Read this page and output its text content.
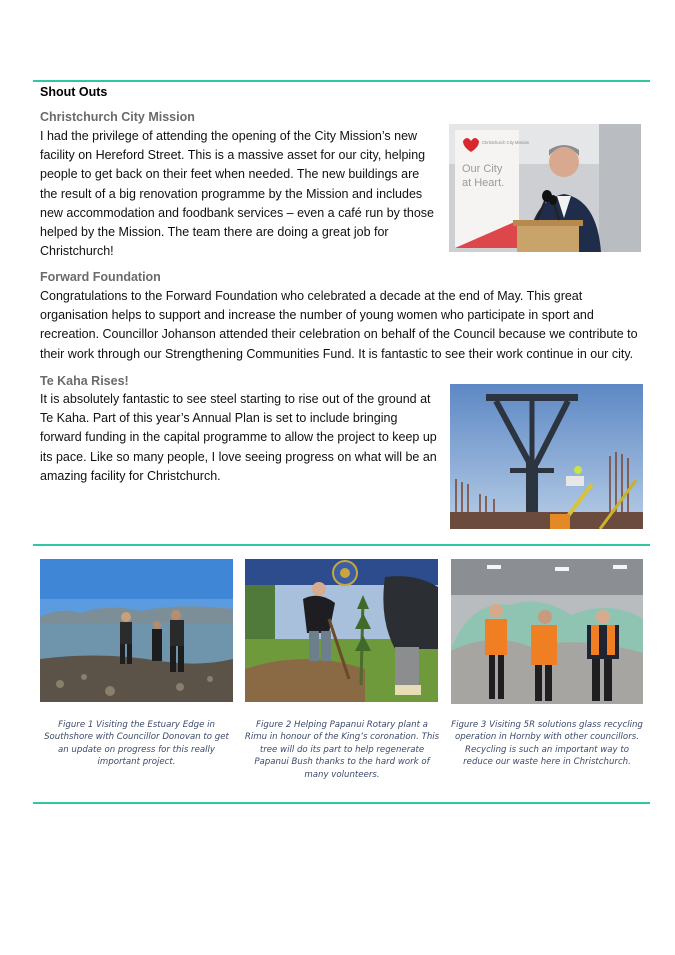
Shout Outs
Christchurch City Mission

I had the privilege of attending the opening of the City Mission’s new facility on Hereford Street. This is a massive asset for our city, helping people to get back on their feet when needed. The new buildings are the result of a big renovation programme by the Mission and includes new accommodation and foodbank services – even a café run by those helped by the Mission. The team there are doing a great job for Christchurch!

Christchurch City Mission
Our City
at Heart.
Forward Foundation

Congratulations to the Forward Foundation who celebrated a decade at the end of May. This great organisation helps to support and increase the number of young women who participate in sport and recreation. Councillor Johanson attended their celebration on behalf of the Council because we contribute to their work through our Strengthening Communities Fund. It is fantastic to see their work continue in our city.

Te Kaha Rises!

It is absolutely fantastic to see steel starting to rise out of the ground at Te Kaha. Part of this year’s Annual Plan is set to include bringing forward funding in the capital programme to allow the project to keep up its pace. Like so many people, I love seeing progress on what will be an amazing facility for Christchurch.

Figure 1 Visiting the Estuary Edge in Southshore with Councillor Donovan to get an update on progress for this really important project.

Figure 2 Helping Papanui Rotary plant a Rimu in honour of the King’s coronation. This tree will do its part to help regenerate Papanui Bush thanks to the hard work of many volunteers.

Figure 3 Visiting 5R solutions glass recycling operation in Hornby with other councillors. Recycling is such an important way to reduce our waste here in Christchurch.
